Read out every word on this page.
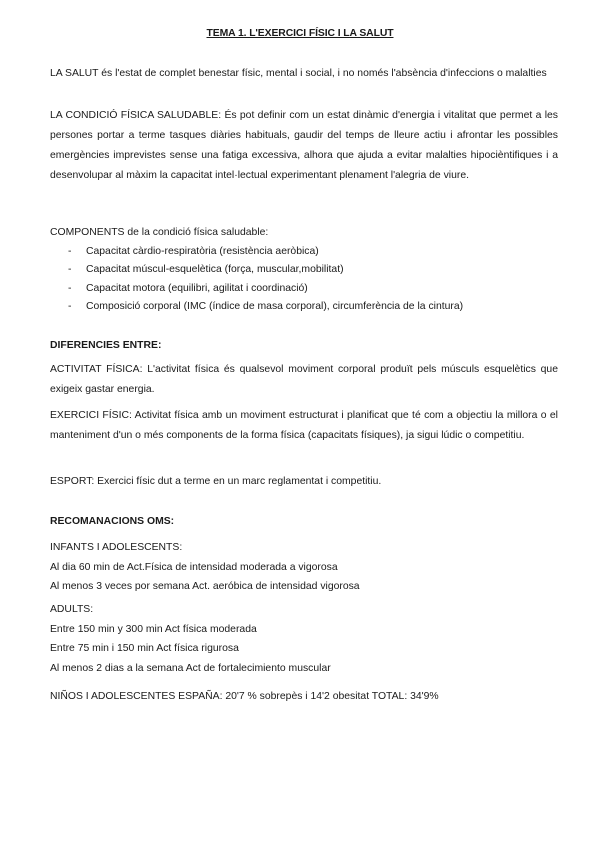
TEMA 1. L'EXERCICI FÍSIC I LA SALUT

LA SALUT és l'estat de complet benestar físic, mental i social, i no només l'absència d'infeccions o malalties

LA CONDICIÓ FÍSICA SALUDABLE: És pot definir com un estat dinàmic d'energia i vitalitat que permet a les persones portar a terme tasques diàries habituals, gaudir del temps de lleure actiu i afrontar les possibles emergències imprevistes sense una fatiga excessiva, alhora que ajuda a evitar malalties hipocièntifiques i a desenvolupar al màxim la capacitat intel·lectual experimentant plenament l'alegria de viure.

COMPONENTS de la condició física saludable:

- Capacitat càrdio-respiratòria (resistència aeròbica)
- Capacitat múscul-esquelètica (força, muscular,mobilitat)
- Capacitat motora (equilibri, agilitat i coordinació)
- Composició corporal (IMC (índice de masa corporal), circumferència de la cintura)

DIFERENCIES ENTRE:

ACTIVITAT FÍSICA: L'activitat física és qualsevol moviment corporal produït pels músculs esquelètics que exigeix gastar energia.

EXERCICI FÍSIC: Activitat física amb un moviment estructurat i planificat que té com a objectiu la millora o el manteniment d'un o més components de la forma física (capacitats físiques), ja sigui lúdic o competitiu.

ESPORT: Exercici físic dut a terme en un marc reglamentat i competitiu.

RECOMANACIONS OMS:

INFANTS I ADOLESCENTS:

Al dia 60 min de Act.Física de intensidad moderada a vigorosa

Al menos 3 veces por semana Act. aeróbica de intensidad vigorosa

ADULTS:

Entre 150 min y 300 min Act física moderada

Entre 75 min i 150 min Act física rigurosa

Al menos 2 dias a la semana Act de fortalecimiento muscular

NIÑOS I ADOLESCENTES ESPAÑA: 20'7 % sobrepès i 14'2 obesitat TOTAL: 34'9%
